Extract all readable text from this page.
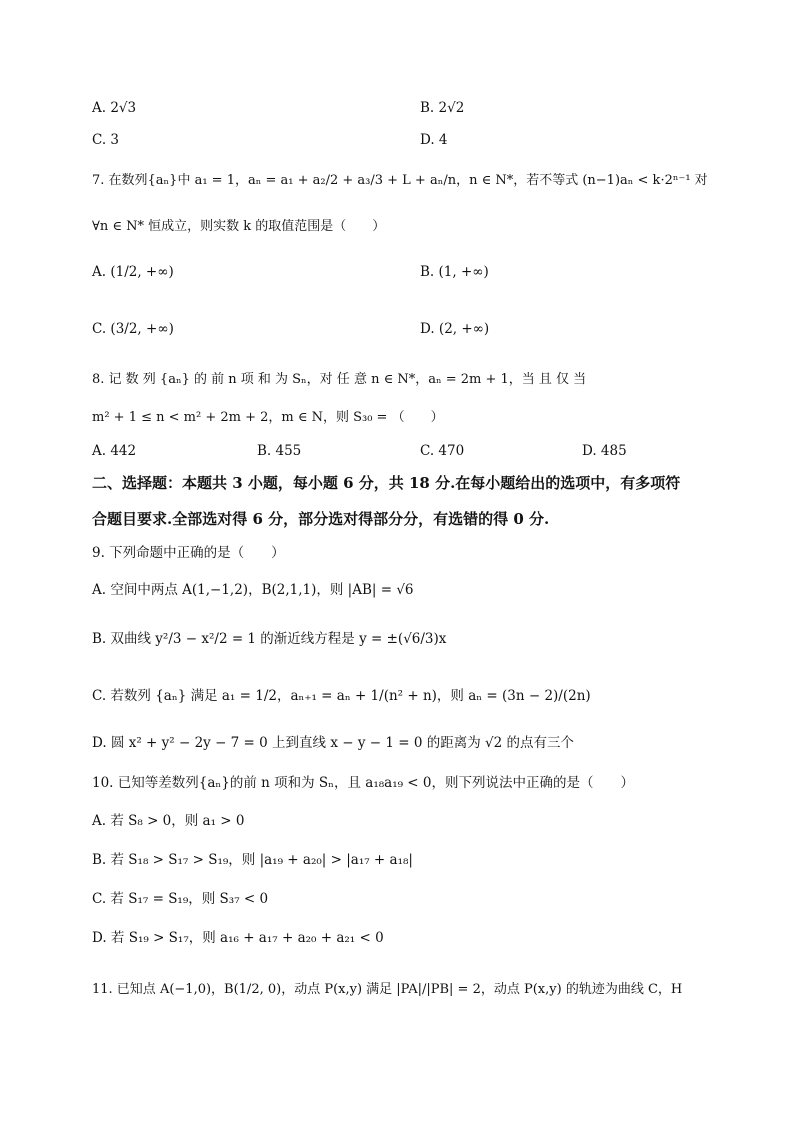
A. 2√3	B. 2√2
C. 3	D. 4
7. 在数列{aₙ}中 a₁ = 1，aₙ = a₁ + a₂/2 + a₃/3 + L + aₙ/n，n ∈ N*，若不等式 (n−1)aₙ < k·2ⁿ⁻¹ 对
∀n ∈ N* 恒成立，则实数 k 的取值范围是（　　）
A. (1/2, +∞)	B. (1, +∞)
C. (3/2, +∞)	D. (2, +∞)
8. 记 数 列 {aₙ} 的 前 n 项 和 为 Sₙ，对 任 意 n ∈ N*，aₙ = 2m + 1，当 且 仅 当
m² + 1 ≤ n < m² + 2m + 2，m ∈ N，则 S₃₀ = （　　）
A. 442	B. 455	C. 470	D. 485
二、选择题：本题共 3 小题，每小题 6 分，共 18 分.在每小题给出的选项中，有多项符
合题目要求.全部选对得 6 分，部分选对得部分分，有选错的得 0 分.
9. 下列命题中正确的是（　　）
A. 空间中两点 A(1,−1,2)，B(2,1,1)，则 |AB| = √6
B. 双曲线 y²/3 − x²/2 = 1 的渐近线方程是 y = ±(√6/3)x
C. 若数列 {aₙ} 满足 a₁ = 1/2，aₙ₊₁ = aₙ + 1/(n² + n)，则 aₙ = (3n − 2)/(2n)
D. 圆 x² + y² − 2y − 7 = 0 上到直线 x − y − 1 = 0 的距离为 √2 的点有三个
10. 已知等差数列{aₙ}的前 n 项和为 Sₙ，且 a₁₈a₁₉ < 0，则下列说法中正确的是（　　）
A. 若 S₈ > 0，则 a₁ > 0
B. 若 S₁₈ > S₁₇ > S₁₉，则 |a₁₉ + a₂₀| > |a₁₇ + a₁₈|
C. 若 S₁₇ = S₁₉，则 S₃₇ < 0
D. 若 S₁₉ > S₁₇，则 a₁₆ + a₁₇ + a₂₀ + a₂₁ < 0
11. 已知点 A(−1,0)，B(1/2, 0)，动点 P(x,y) 满足 |PA|/|PB| = 2，动点 P(x,y) 的轨迹为曲线 C，H
